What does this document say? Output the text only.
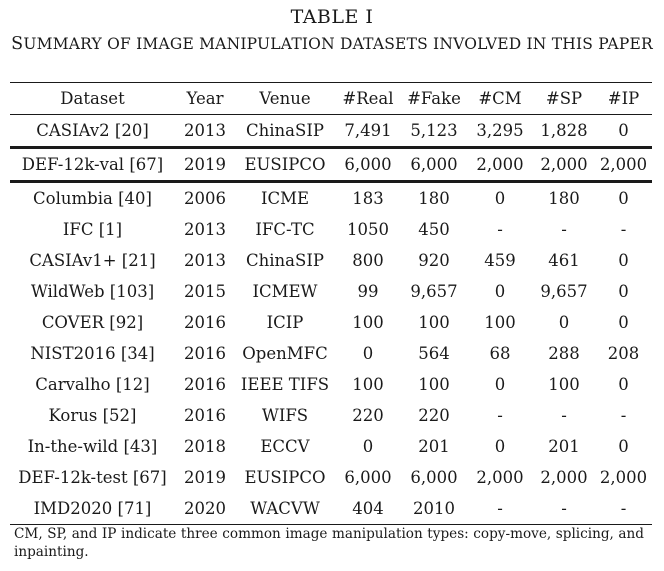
TABLE I
SUMMARY OF IMAGE MANIPULATION DATASETS INVOLVED IN THIS PAPER
Dataset	Year	Venue	#Real	#Fake	#CM	#SP	#IP
CASIAv2 [20]	2013	ChinaSIP	7,491	5,123	3,295	1,828	0
DEF-12k-val [67]	2019	EUSIPCO	6,000	6,000	2,000	2,000	2,000
Columbia [40]	2006	ICME	183	180	0	180	0
IFC [1]	2013	IFC-TC	1050	450	-	-	-
CASIAv1+ [21]	2013	ChinaSIP	800	920	459	461	0
WildWeb [103]	2015	ICMEW	99	9,657	0	9,657	0
COVER [92]	2016	ICIP	100	100	100	0	0
NIST2016 [34]	2016	OpenMFC	0	564	68	288	208
Carvalho [12]	2016	IEEE TIFS	100	100	0	100	0
Korus [52]	2016	WIFS	220	220	-	-	-
In-the-wild [43]	2018	ECCV	0	201	0	201	0
DEF-12k-test [67]	2019	EUSIPCO	6,000	6,000	2,000	2,000	2,000
IMD2020 [71]	2020	WACVW	404	2010	-	-	-
CM, SP, and IP indicate three common image manipulation types: copy-move, splicing, and inpainting.
